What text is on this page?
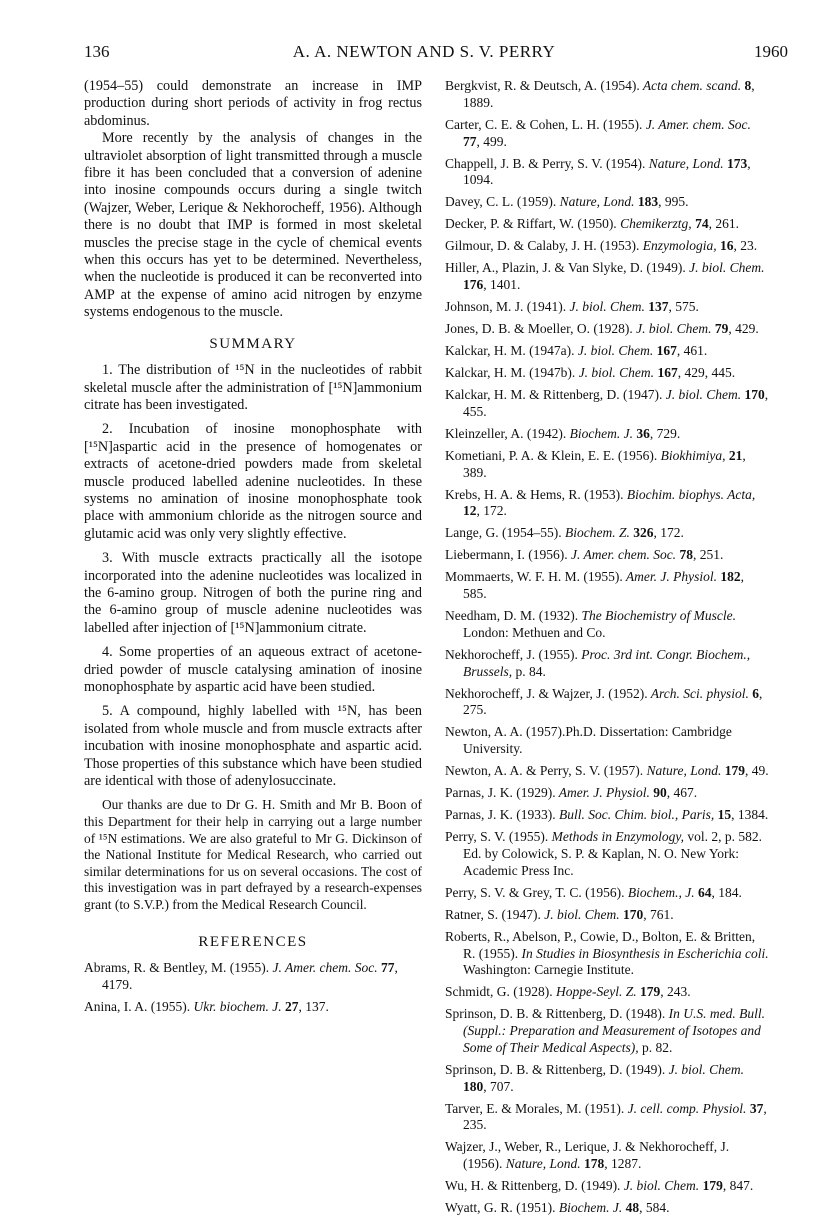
136	A. A. NEWTON AND S. V. PERRY	1960

(1954–55) could demonstrate an increase in IMP production during short periods of activity in frog rectus abdominus.

More recently by the analysis of changes in the ultraviolet absorption of light transmitted through a muscle fibre it has been concluded that a conversion of adenine into inosine compounds occurs during a single twitch (Wajzer, Weber, Lerique & Nekhorocheff, 1956). Although there is no doubt that IMP is formed in most skeletal muscles the precise stage in the cycle of chemical events when this occurs has yet to be determined. Nevertheless, when the nucleotide is produced it can be reconverted into AMP at the expense of amino acid nitrogen by enzyme systems endogenous to the muscle.

SUMMARY

1. The distribution of ¹⁵N in the nucleotides of rabbit skeletal muscle after the administration of [¹⁵N]ammonium citrate has been investigated.

2. Incubation of inosine monophosphate with [¹⁵N]aspartic acid in the presence of homogenates or extracts of acetone-dried powders made from skeletal muscle produced labelled adenine nucleotides. In these systems no amination of inosine monophosphate took place with ammonium chloride as the nitrogen source and glutamic acid was only very slightly effective.

3. With muscle extracts practically all the isotope incorporated into the adenine nucleotides was localized in the 6-amino group. Nitrogen of both the purine ring and the 6-amino group of muscle adenine nucleotides was labelled after injection of [¹⁵N]ammonium citrate.

4. Some properties of an aqueous extract of acetone-dried powder of muscle catalysing amination of inosine monophosphate by aspartic acid have been studied.

5. A compound, highly labelled with ¹⁵N, has been isolated from whole muscle and from muscle extracts after incubation with inosine monophosphate and aspartic acid. Those properties of this substance which have been studied are identical with those of adenylosuccinate.

Our thanks are due to Dr G. H. Smith and Mr B. Boon of this Department for their help in carrying out a large number of ¹⁵N estimations. We are also grateful to Mr G. Dickinson of the National Institute for Medical Research, who carried out similar determinations for us on several occasions. The cost of this investigation was in part defrayed by a research-expenses grant (to S.V.P.) from the Medical Research Council.

REFERENCES

Abrams, R. & Bentley, M. (1955). J. Amer. chem. Soc. 77, 4179.

Anina, I. A. (1955). Ukr. biochem. J. 27, 137.

Bergkvist, R. & Deutsch, A. (1954). Acta chem. scand. 8, 1889.

Carter, C. E. & Cohen, L. H. (1955). J. Amer. chem. Soc. 77, 499.

Chappell, J. B. & Perry, S. V. (1954). Nature, Lond. 173, 1094.

Davey, C. L. (1959). Nature, Lond. 183, 995.

Decker, P. & Riffart, W. (1950). Chemikerztg, 74, 261.

Gilmour, D. & Calaby, J. H. (1953). Enzymologia, 16, 23.

Hiller, A., Plazin, J. & Van Slyke, D. (1949). J. biol. Chem. 176, 1401.

Johnson, M. J. (1941). J. biol. Chem. 137, 575.

Jones, D. B. & Moeller, O. (1928). J. biol. Chem. 79, 429.

Kalckar, H. M. (1947a). J. biol. Chem. 167, 461.

Kalckar, H. M. (1947b). J. biol. Chem. 167, 429, 445.

Kalckar, H. M. & Rittenberg, D. (1947). J. biol. Chem. 170, 455.

Kleinzeller, A. (1942). Biochem. J. 36, 729.

Kometiani, P. A. & Klein, E. E. (1956). Biokhimiya, 21, 389.

Krebs, H. A. & Hems, R. (1953). Biochim. biophys. Acta, 12, 172.

Lange, G. (1954–55). Biochem. Z. 326, 172.

Liebermann, I. (1956). J. Amer. chem. Soc. 78, 251.

Mommaerts, W. F. H. M. (1955). Amer. J. Physiol. 182, 585.

Needham, D. M. (1932). The Biochemistry of Muscle. London: Methuen and Co.

Nekhorocheff, J. (1955). Proc. 3rd int. Congr. Biochem., Brussels, p. 84.

Nekhorocheff, J. & Wajzer, J. (1952). Arch. Sci. physiol. 6, 275.

Newton, A. A. (1957).Ph.D. Dissertation: Cambridge University.

Newton, A. A. & Perry, S. V. (1957). Nature, Lond. 179, 49.

Parnas, J. K. (1929). Amer. J. Physiol. 90, 467.

Parnas, J. K. (1933). Bull. Soc. Chim. biol., Paris, 15, 1384.

Perry, S. V. (1955). Methods in Enzymology, vol. 2, p. 582. Ed. by Colowick, S. P. & Kaplan, N. O. New York: Academic Press Inc.

Perry, S. V. & Grey, T. C. (1956). Biochem., J. 64, 184.

Ratner, S. (1947). J. biol. Chem. 170, 761.

Roberts, R., Abelson, P., Cowie, D., Bolton, E. & Britten, R. (1955). In Studies in Biosynthesis in Escherichia coli. Washington: Carnegie Institute.

Schmidt, G. (1928). Hoppe-Seyl. Z. 179, 243.

Sprinson, D. B. & Rittenberg, D. (1948). In U.S. med. Bull. (Suppl.: Preparation and Measurement of Isotopes and Some of Their Medical Aspects), p. 82.

Sprinson, D. B. & Rittenberg, D. (1949). J. biol. Chem. 180, 707.

Tarver, E. & Morales, M. (1951). J. cell. comp. Physiol. 37, 235.

Wajzer, J., Weber, R., Lerique, J. & Nekhorocheff, J. (1956). Nature, Lond. 178, 1287.

Wu, H. & Rittenberg, D. (1949). J. biol. Chem. 179, 847.

Wyatt, G. R. (1951). Biochem. J. 48, 584.
